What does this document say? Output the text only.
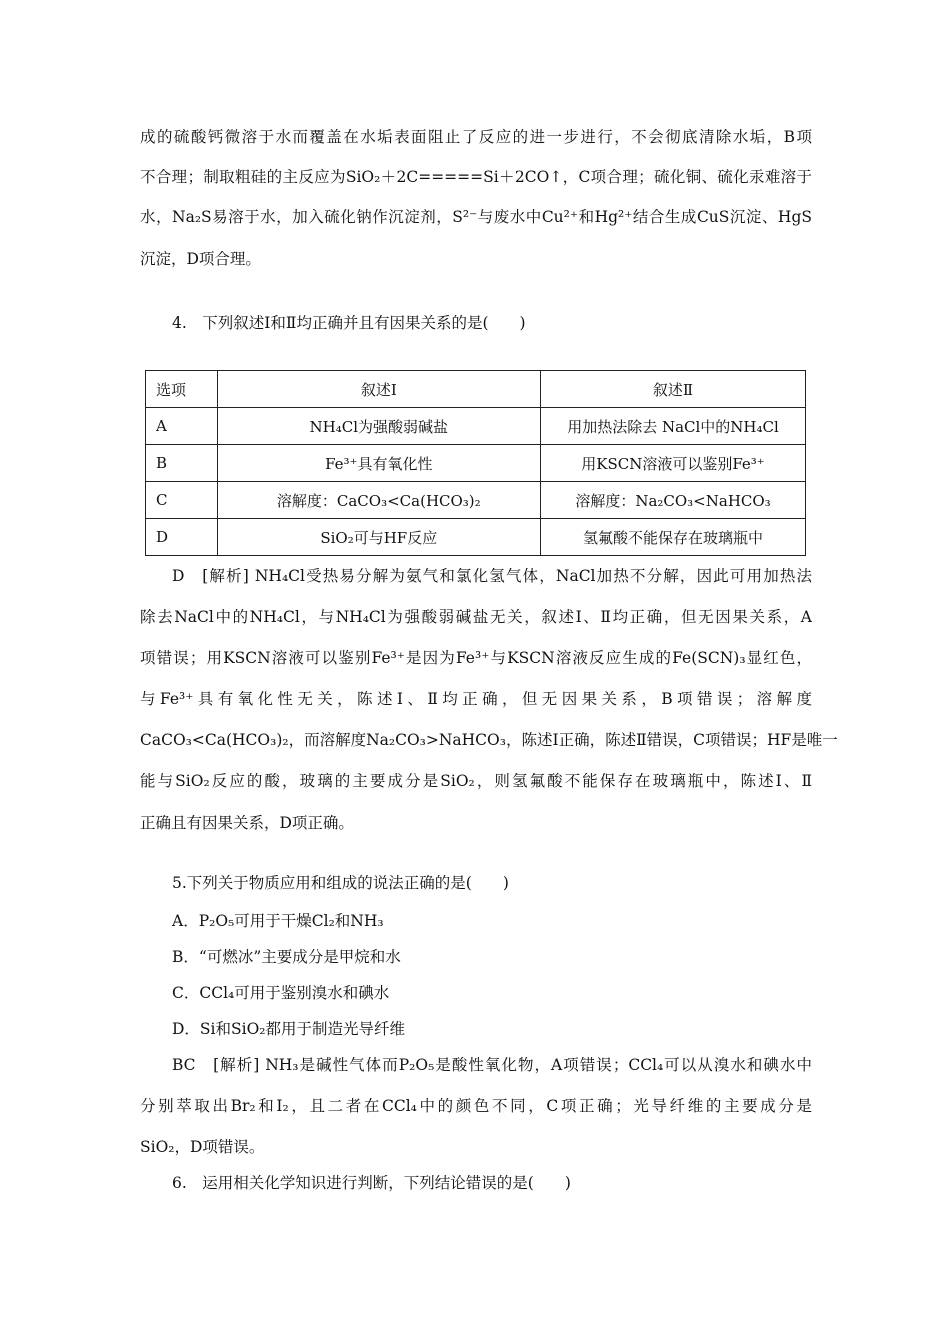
成的硫酸钙微溶于水而覆盖在水垢表面阻止了反应的进一步进行，不会彻底清除水垢，B项
不合理；制取粗硅的主反应为SiO₂＋2C=====Si＋2CO↑，C项合理；硫化铜、硫化汞难溶于
水，Na₂S易溶于水，加入硫化钠作沉淀剂，S²⁻与废水中Cu²⁺和Hg²⁺结合生成CuS沉淀、HgS
沉淀，D项合理。
4.　下列叙述Ⅰ和Ⅱ均正确并且有因果关系的是(　　)
选项	叙述Ⅰ	叙述Ⅱ
A	NH₄Cl为强酸弱碱盐	用加热法除去 NaCl中的NH₄Cl
B	Fe³⁺具有氧化性	用KSCN溶液可以鉴别Fe³⁺
C	溶解度：CaCO₃<Ca(HCO₃)₂	溶解度：Na₂CO₃<NaHCO₃
D	SiO₂可与HF反应	氢氟酸不能保存在玻璃瓶中
D　[解析] NH₄Cl受热易分解为氨气和氯化氢气体，NaCl加热不分解，因此可用加热法
除去NaCl中的NH₄Cl，与NH₄Cl为强酸弱碱盐无关，叙述Ⅰ、Ⅱ均正确，但无因果关系，A
项错误；用KSCN溶液可以鉴别Fe³⁺是因为Fe³⁺与KSCN溶液反应生成的Fe(SCN)₃显红色，
与Fe³⁺具有氧化性无关，陈述Ⅰ、Ⅱ均正确，但无因果关系，B项错误；溶解度
CaCO₃<Ca(HCO₃)₂，而溶解度Na₂CO₃>NaHCO₃，陈述Ⅰ正确，陈述Ⅱ错误，C项错误；HF是唯一
能与SiO₂反应的酸，玻璃的主要成分是SiO₂，则氢氟酸不能保存在玻璃瓶中，陈述Ⅰ、Ⅱ
正确且有因果关系，D项正确。
5.下列关于物质应用和组成的说法正确的是(　　)
A．P₂O₅可用于干燥Cl₂和NH₃
B．“可燃冰”主要成分是甲烷和水
C．CCl₄可用于鉴别溴水和碘水
D．Si和SiO₂都用于制造光导纤维
BC　[解析] NH₃是碱性气体而P₂O₅是酸性氧化物，A项错误；CCl₄可以从溴水和碘水中
分别萃取出Br₂和I₂，且二者在CCl₄中的颜色不同，C项正确；光导纤维的主要成分是
SiO₂，D项错误。
6.　运用相关化学知识进行判断，下列结论错误的是(　　)
